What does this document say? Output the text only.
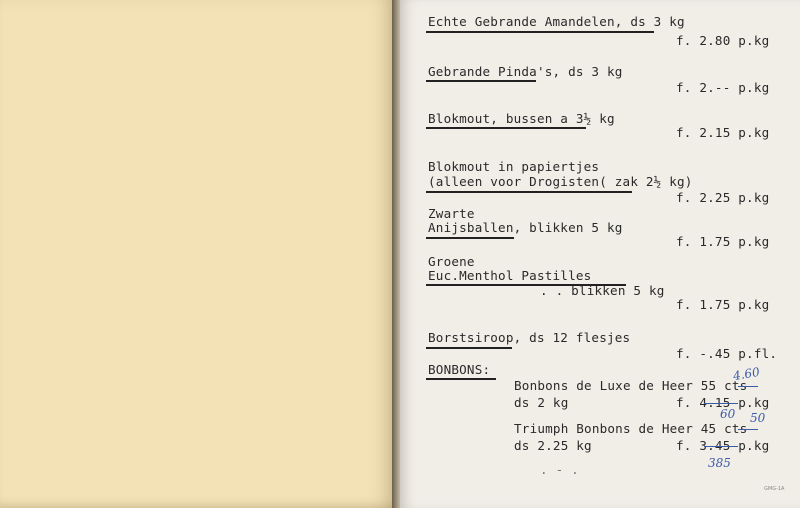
Echte Gebrande Amandelen, ds 3 kg
f. 2.80 p.kg
Gebrande Pinda's, ds 3 kg
f. 2.-- p.kg
Blokmout, bussen a 3½ kg
f. 2.15 p.kg
Blokmout in papiertjes
(alleen voor Drogisten( zak 2½ kg)
f. 2.25 p.kg
Zwarte
Anijsballen, blikken 5 kg
f. 1.75 p.kg
Groene
Euc.Menthol Pastilles
. . blikken 5 kg
f. 1.75 p.kg
Borstsiroop, ds 12 flesjes
f. -.45 p.fl.
BONBONS:
Bonbons de Luxe de Heer 55 cts
ds 2 kg	f. 4.15 p.kg
Triumph Bonbons de Heer 45 cts
ds 2.25 kg	f. 3.45 p.kg
. - .
4.60
60 50
385
GMG-1A
